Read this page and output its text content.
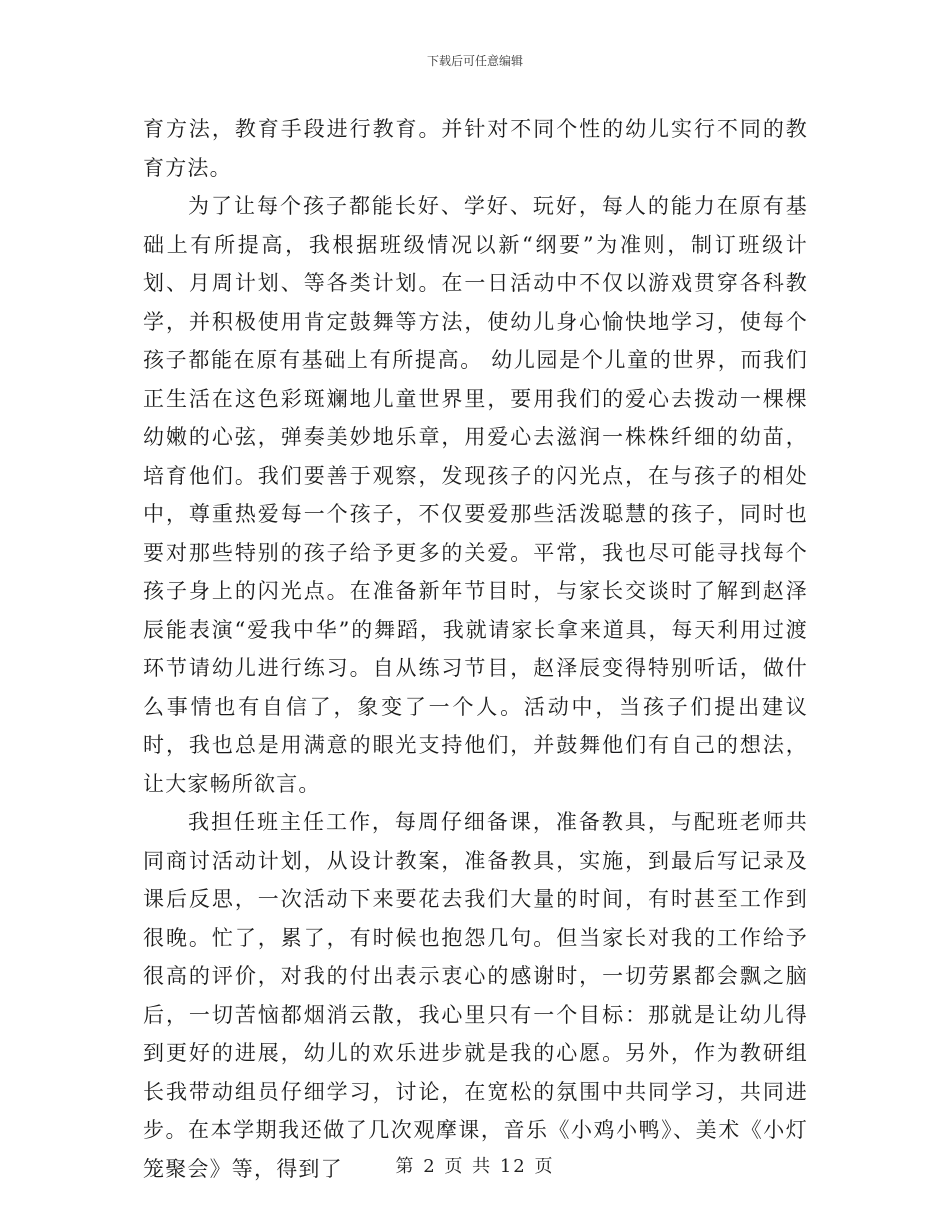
下载后可任意编辑

育方法，教育手段进行教育。并针对不同个性的幼儿实行不同的教育方法。

为了让每个孩子都能长好、学好、玩好，每人的能力在原有基础上有所提高，我根据班级情况以新“纲要”为准则，制订班级计划、月周计划、等各类计划。在一日活动中不仅以游戏贯穿各科教学，并积极使用肯定鼓舞等方法，使幼儿身心愉快地学习，使每个孩子都能在原有基础上有所提高。 幼儿园是个儿童的世界，而我们正生活在这色彩斑斓地儿童世界里，要用我们的爱心去拨动一棵棵幼嫩的心弦，弹奏美妙地乐章，用爱心去滋润一株株纤细的幼苗，培育他们。我们要善于观察，发现孩子的闪光点，在与孩子的相处中，尊重热爱每一个孩子，不仅要爱那些活泼聪慧的孩子，同时也要对那些特别的孩子给予更多的关爱。平常，我也尽可能寻找每个孩子身上的闪光点。在准备新年节目时，与家长交谈时了解到赵泽辰能表演“爱我中华”的舞蹈，我就请家长拿来道具，每天利用过渡环节请幼儿进行练习。自从练习节目，赵泽辰变得特别听话，做什么事情也有自信了，象变了一个人。活动中，当孩子们提出建议时，我也总是用满意的眼光支持他们，并鼓舞他们有自己的想法，让大家畅所欲言。

我担任班主任工作，每周仔细备课，准备教具，与配班老师共同商讨活动计划，从设计教案，准备教具，实施，到最后写记录及课后反思，一次活动下来要花去我们大量的时间，有时甚至工作到很晚。忙了，累了，有时候也抱怨几句。但当家长对我的工作给予很高的评价，对我的付出表示衷心的感谢时，一切劳累都会飘之脑后，一切苦恼都烟消云散，我心里只有一个目标：那就是让幼儿得到更好的进展，幼儿的欢乐进步就是我的心愿。另外，作为教研组长我带动组员仔细学习，讨论，在宽松的氛围中共同学习，共同进步。在本学期我还做了几次观摩课，音乐《小鸡小鸭》、美术《小灯笼聚会》等，得到了	第 2 页 共 12 页
